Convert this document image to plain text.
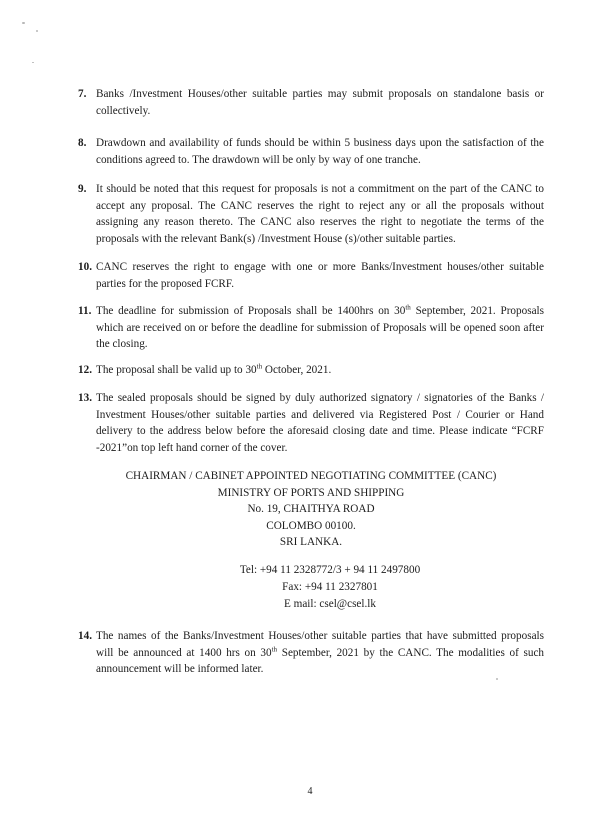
7. Banks /Investment Houses/other suitable parties may submit proposals on standalone basis or collectively.
8. Drawdown and availability of funds should be within 5 business days upon the satisfaction of the conditions agreed to. The drawdown will be only by way of one tranche.
9. It should be noted that this request for proposals is not a commitment on the part of the CANC to accept any proposal. The CANC reserves the right to reject any or all the proposals without assigning any reason thereto. The CANC also reserves the right to negotiate the terms of the proposals with the relevant Bank(s) /Investment House (s)/other suitable parties.
10. CANC reserves the right to engage with one or more Banks/Investment houses/other suitable parties for the proposed FCRF.
11. The deadline for submission of Proposals shall be 1400hrs on 30th September, 2021. Proposals which are received on or before the deadline for submission of Proposals will be opened soon after the closing.
12. The proposal shall be valid up to 30th October, 2021.
13. The sealed proposals should be signed by duly authorized signatory / signatories of the Banks / Investment Houses/other suitable parties and delivered via Registered Post / Courier or Hand delivery to the address below before the aforesaid closing date and time. Please indicate “FCRF -2021”on top left hand corner of the cover.
CHAIRMAN / CABINET APPOINTED NEGOTIATING COMMITTEE (CANC)
MINISTRY OF PORTS AND SHIPPING
No. 19, CHAITHYA ROAD
COLOMBO 00100.
SRI LANKA.
Tel: +94 11 2328772/3 + 94 11 2497800
Fax: +94 11 2327801
E mail: csel@csel.lk
14. The names of the Banks/Investment Houses/other suitable parties that have submitted proposals will be announced at 1400 hrs on 30th September, 2021 by the CANC. The modalities of such announcement will be informed later.
4
